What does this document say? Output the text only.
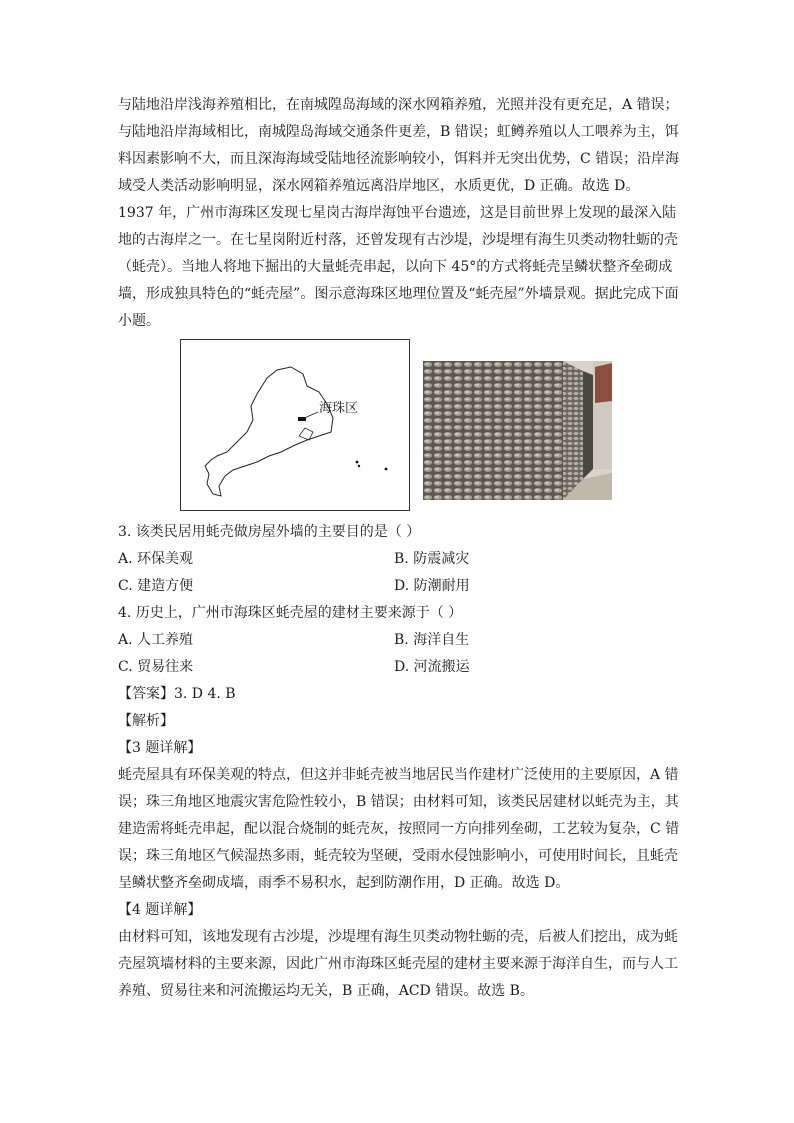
与陆地沿岸浅海养殖相比，在南城隍岛海域的深水网箱养殖，光照并没有更充足，A 错误；
与陆地沿岸海域相比，南城隍岛海域交通条件更差，B 错误；虹鳟养殖以人工喂养为主，饵
料因素影响不大，而且深海海域受陆地径流影响较小，饵料并无突出优势，C 错误；沿岸海
域受人类活动影响明显，深水网箱养殖远离沿岸地区，水质更优，D 正确。故选 D。

1937 年，广州市海珠区发现七星岗古海岸海蚀平台遗迹，这是目前世界上发现的最深入陆
地的古海岸之一。在七星岗附近村落，还曾发现有古沙堤，沙堤埋有海生贝类动物牡蛎的壳
（蚝壳）。当地人将地下掘出的大量蚝壳串起，以向下 45°的方式将蚝壳呈鳞状整齐垒砌成
墙，形成独具特色的“蚝壳屋”。图示意海珠区地理位置及“蚝壳屋”外墙景观。据此完成下面
小题。

海珠区

3. 该类民居用蚝壳做房屋外墙的主要目的是（ ）

A. 环保美观	B. 防震减灾
C. 建造方便	D. 防潮耐用

4. 历史上，广州市海珠区蚝壳屋的建材主要来源于（ ）

A. 人工养殖	B. 海洋自生
C. 贸易往来	D. 河流搬运

【答案】3. D 4. B

【解析】

【3 题详解】

蚝壳屋具有环保美观的特点，但这并非蚝壳被当地居民当作建材广泛使用的主要原因，A 错
误；珠三角地区地震灾害危险性较小，B 错误；由材料可知，该类民居建材以蚝壳为主，其
建造需将蚝壳串起，配以混合烧制的蚝壳灰，按照同一方向排列垒砌，工艺较为复杂，C 错
误；珠三角地区气候湿热多雨，蚝壳较为坚硬，受雨水侵蚀影响小，可使用时间长，且蚝壳
呈鳞状整齐垒砌成墙，雨季不易积水，起到防潮作用，D 正确。故选 D。

【4 题详解】

由材料可知，该地发现有古沙堤，沙堤埋有海生贝类动物牡蛎的壳，后被人们挖出，成为蚝
壳屋筑墙材料的主要来源，因此广州市海珠区蚝壳屋的建材主要来源于海洋自生，而与人工
养殖、贸易往来和河流搬运均无关，B 正确，ACD 错误。故选 B。
